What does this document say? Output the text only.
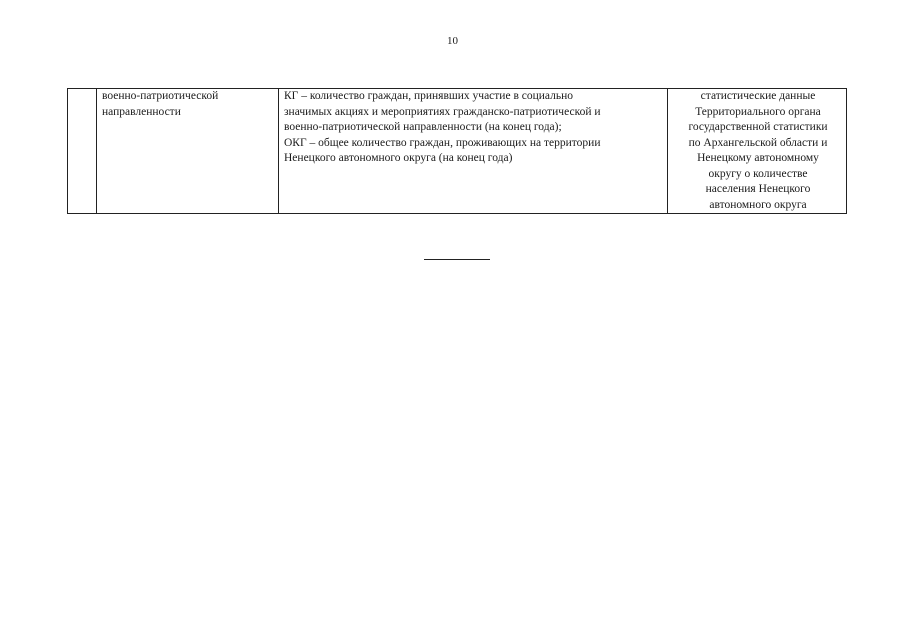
10

военно-патриотической
направленности

КГ – количество граждан, принявших участие в социально
значимых акциях и мероприятиях гражданско-патриотической и
военно-патриотической направленности (на конец года);
ОКГ – общее количество граждан, проживающих на территории
Ненецкого автономного округа (на конец года)

статистические данные
Территориального органа
государственной статистики
по Архангельской области и
Ненецкому автономному
округу о количестве
населения Ненецкого
автономного округа
